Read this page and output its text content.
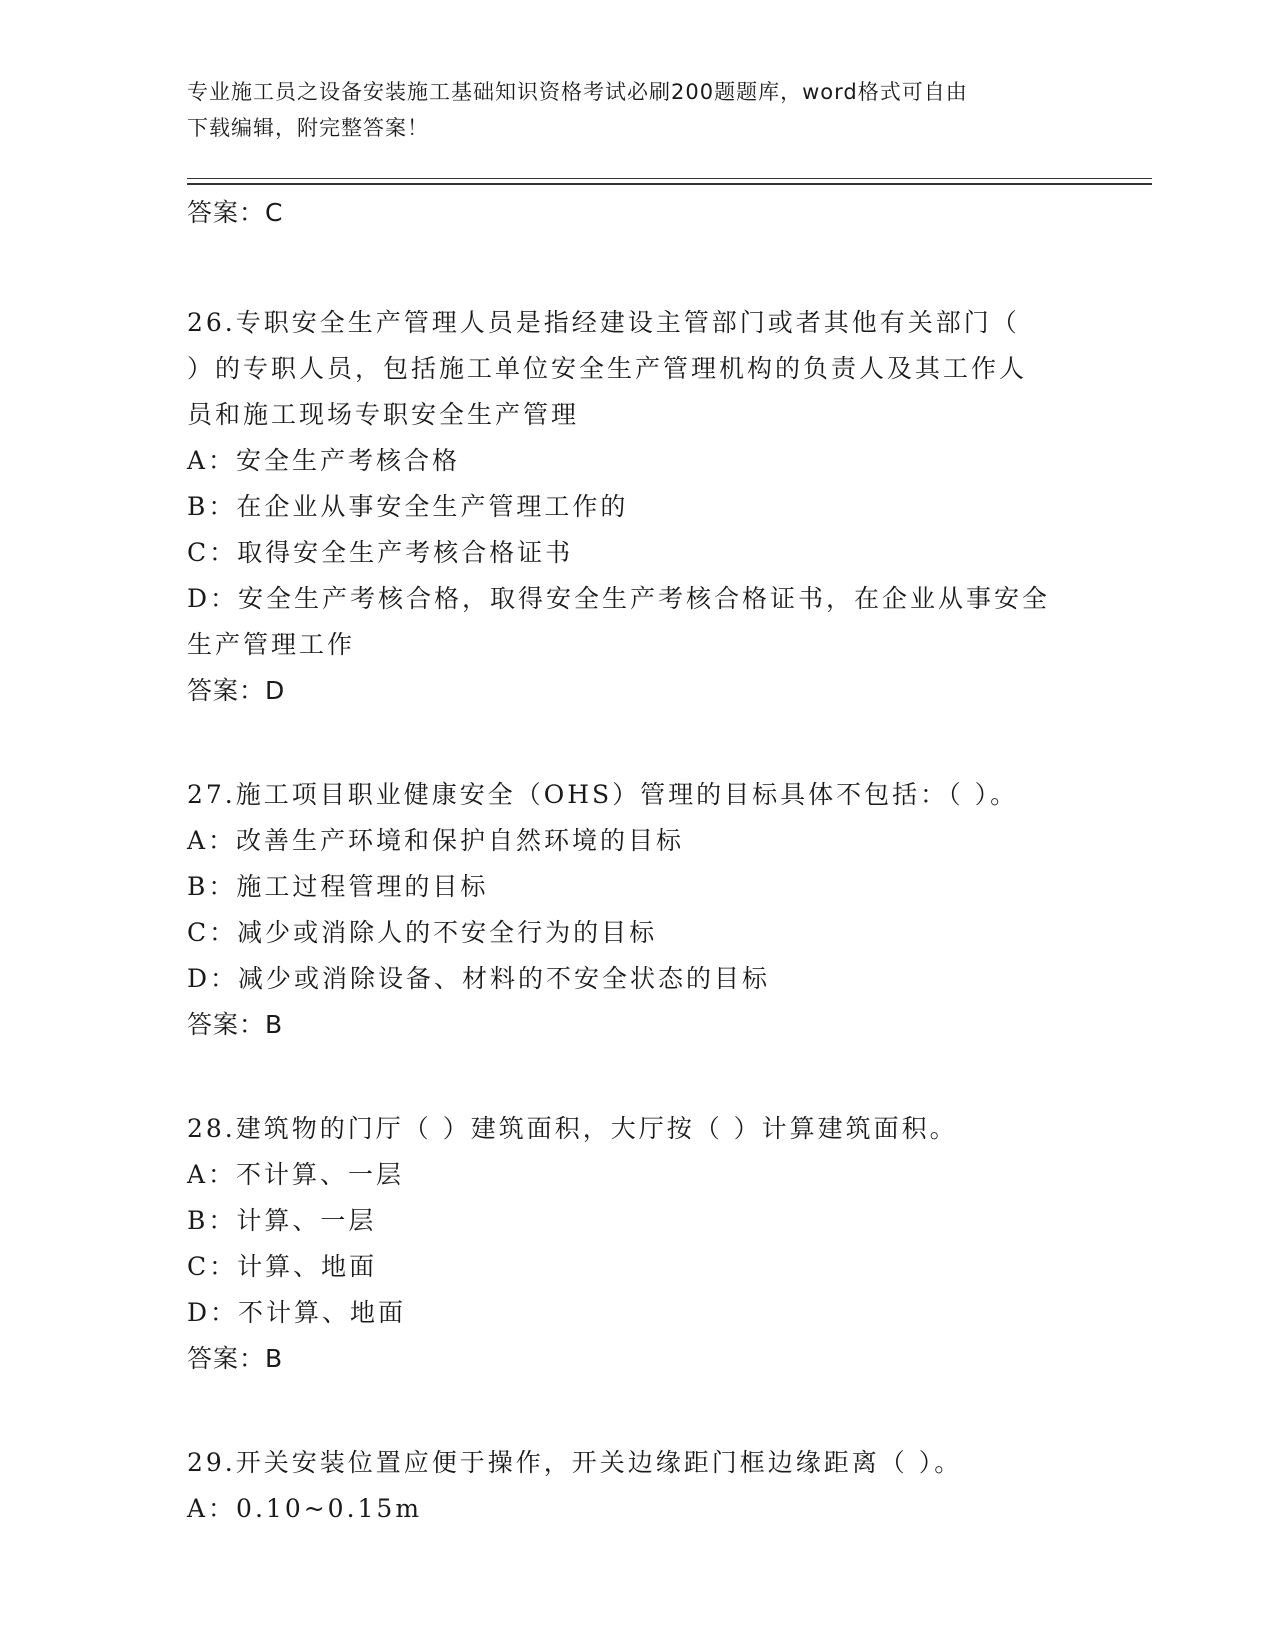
专业施工员之设备安装施工基础知识资格考试必刷200题题库，word格式可自由
下载编辑，附完整答案！
答案：C
26.专职安全生产管理人员是指经建设主管部门或者其他有关部门（
）的专职人员，包括施工单位安全生产管理机构的负责人及其工作人
员和施工现场专职安全生产管理
A：安全生产考核合格
B：在企业从事安全生产管理工作的
C：取得安全生产考核合格证书
D：安全生产考核合格，取得安全生产考核合格证书，在企业从事安全
生产管理工作
答案：D
27.施工项目职业健康安全（OHS）管理的目标具体不包括：（ ）。
A：改善生产环境和保护自然环境的目标
B：施工过程管理的目标
C：减少或消除人的不安全行为的目标
D：减少或消除设备、材料的不安全状态的目标
答案：B
28.建筑物的门厅（ ）建筑面积，大厅按（ ）计算建筑面积。
A：不计算、一层
B：计算、一层
C：计算、地面
D：不计算、地面
答案：B
29.开关安装位置应便于操作，开关边缘距门框边缘距离（ ）。
A：0.10~0.15m
